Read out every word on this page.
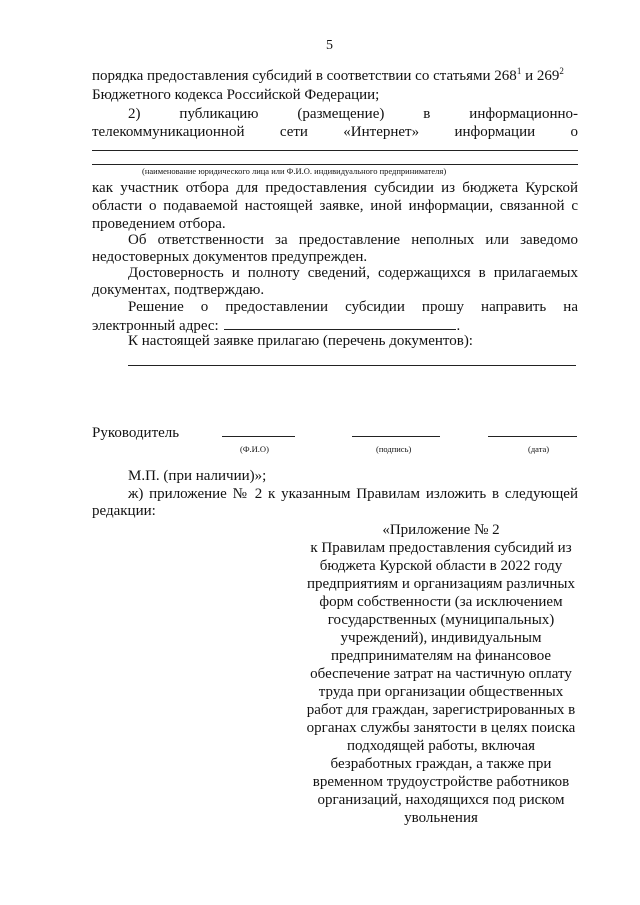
5
порядка предоставления субсидий в соответствии со статьями $268^1$ и $269^2$
Бюджетного кодекса Российской Федерации;
2)    публикацию    (размещение)    в    информационно-
телекоммуникационной сети «Интернет» информации о
(наименование юридического лица или Ф.И.О. индивидуального предпринимателя)
как участник отбора для предоставления субсидии из бюджета Курской
области о подаваемой настоящей заявке, иной информации, связанной с
проведением отбора.
Об ответственности за предоставление неполных или заведомо
недостоверных документов предупрежден.
Достоверность и полноту сведений, содержащихся в прилагаемых
документах, подтверждаю.
Решение о предоставлении субсидии прошу направить на
электронный адрес:	.
К настоящей заявке прилагаю (перечень документов):
Руководитель
(Ф.И.О)	(подпись)	(дата)
М.П. (при наличии)»;
ж) приложение № 2 к указанным Правилам изложить в следующей
редакции:
«Приложение № 2
к Правилам предоставления субсидий из
бюджета Курской области в 2022 году
предприятиям и организациям различных
форм собственности (за исключением
государственных (муниципальных)
учреждений), индивидуальным
предпринимателям на финансовое
обеспечение затрат на частичную оплату
труда при организации общественных
работ для граждан, зарегистрированных в
органах службы занятости в целях поиска
подходящей работы, включая
безработных граждан, а также при
временном трудоустройстве работников
организаций, находящихся под риском
увольнения
